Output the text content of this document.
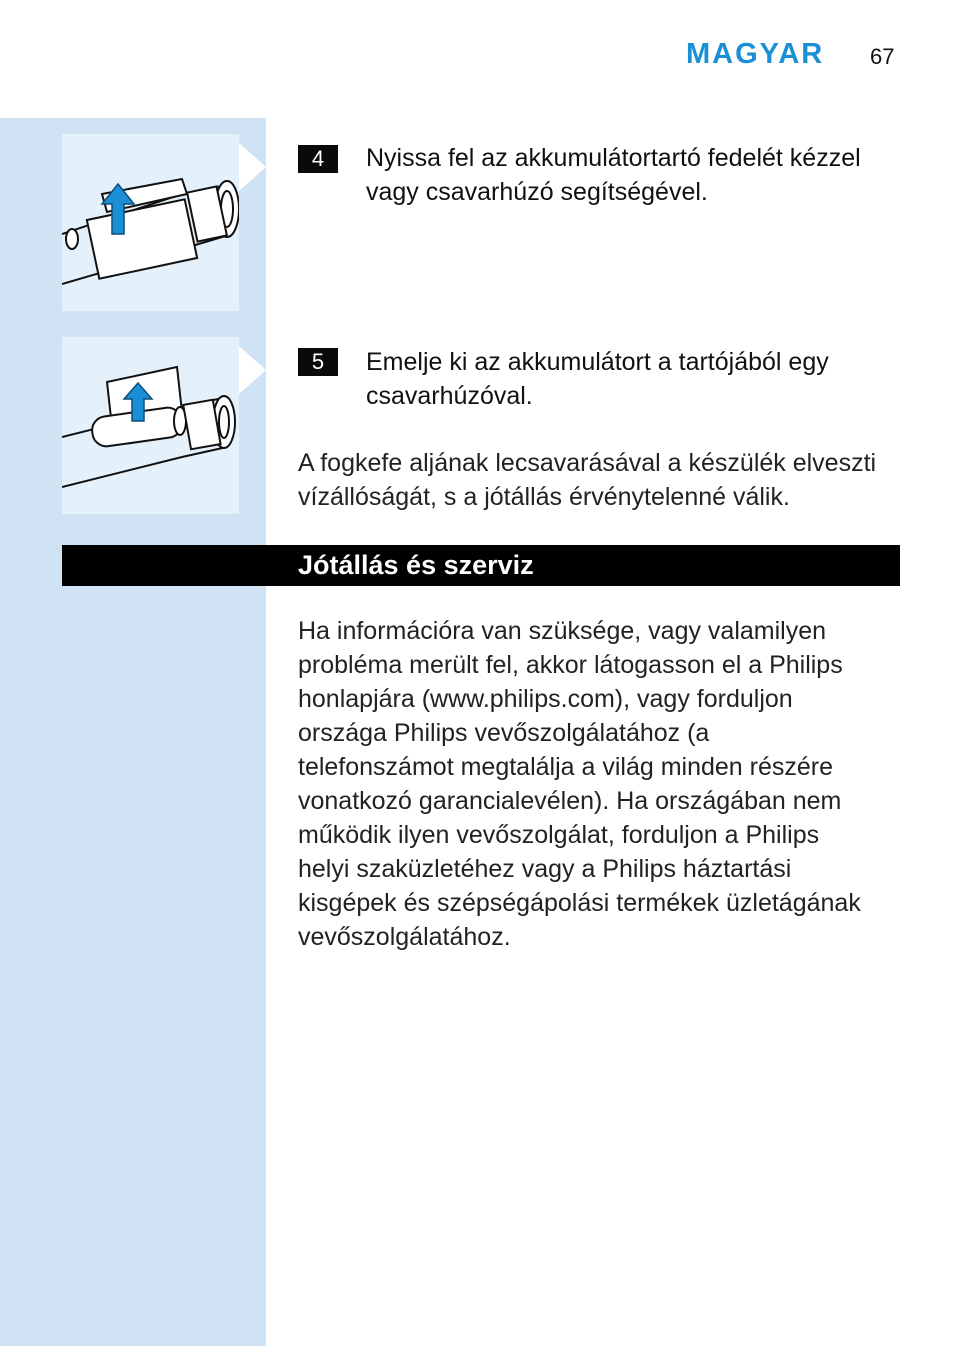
MAGYAR 67
4	Nyissa fel az akkumulátortartó fedelét kézzel vagy csavarhúzó segítségével.
5	Emelje ki az akkumulátort a tartójából egy csavarhúzóval.
A fogkefe aljának lecsavarásával a készülék elveszti vízállóságát, s a jótállás érvénytelenné válik.
Jótállás és szerviz
Ha információra van szüksége, vagy valamilyen
probléma merült fel, akkor látogasson el a Philips
honlapjára (www.philips.com), vagy forduljon
országa Philips vevőszolgálatához (a
telefonszámot megtalálja a világ minden részére
vonatkozó garancialevélen). Ha országában nem
működik ilyen vevőszolgálat, forduljon a Philips
helyi szaküzletéhez vagy a Philips háztartási
kisgépek és szépségápolási termékek üzletágának
vevőszolgálatához.
